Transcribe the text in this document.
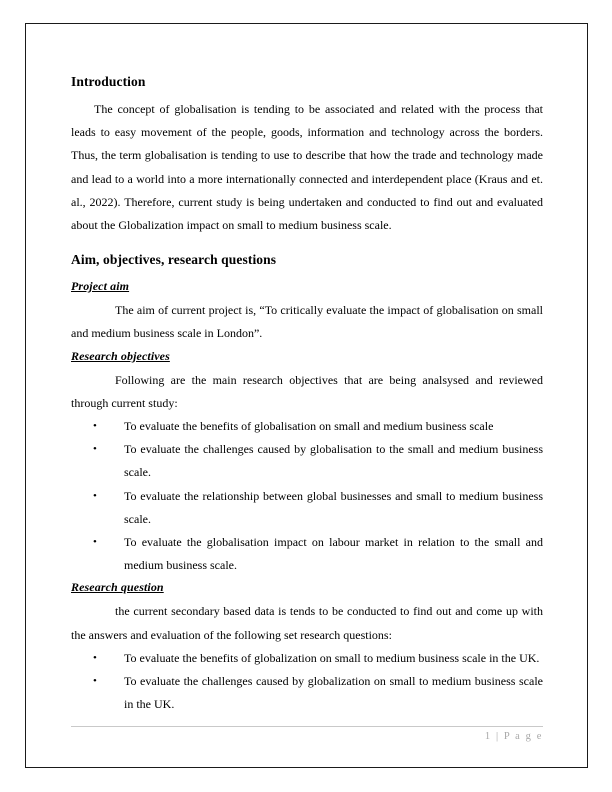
Introduction

The concept of globalisation is tending to be associated and related with the process that leads to easy movement of the people, goods, information and technology across the borders. Thus, the term globalisation is tending to use to describe that how the trade and technology made and lead to a world into a more internationally connected and interdependent place (Kraus and et. al., 2022). Therefore, current study is being undertaken and conducted to find out and evaluated about the Globalization impact on small to medium business scale.

Aim, objectives, research questions
Project aim

The aim of current project is, “To critically evaluate the impact of globalisation on small and medium business scale in London”.

Research objectives

Following are the main research objectives that are being analsysed and reviewed through current study:

• To evaluate the benefits of globalisation on small and medium business scale
• To evaluate the challenges caused by globalisation to the small and medium business scale.
• To evaluate the relationship between global businesses and small to medium business scale.
• To evaluate the globalisation impact on labour market in relation to the small and medium business scale.
Research question

the current secondary based data is tends to be conducted to find out and come up with the answers and evaluation of the following set research questions:

• To evaluate the benefits of globalization on small to medium business scale in the UK.
• To evaluate the challenges caused by globalization on small to medium business scale in the UK.
1 | P a g e
